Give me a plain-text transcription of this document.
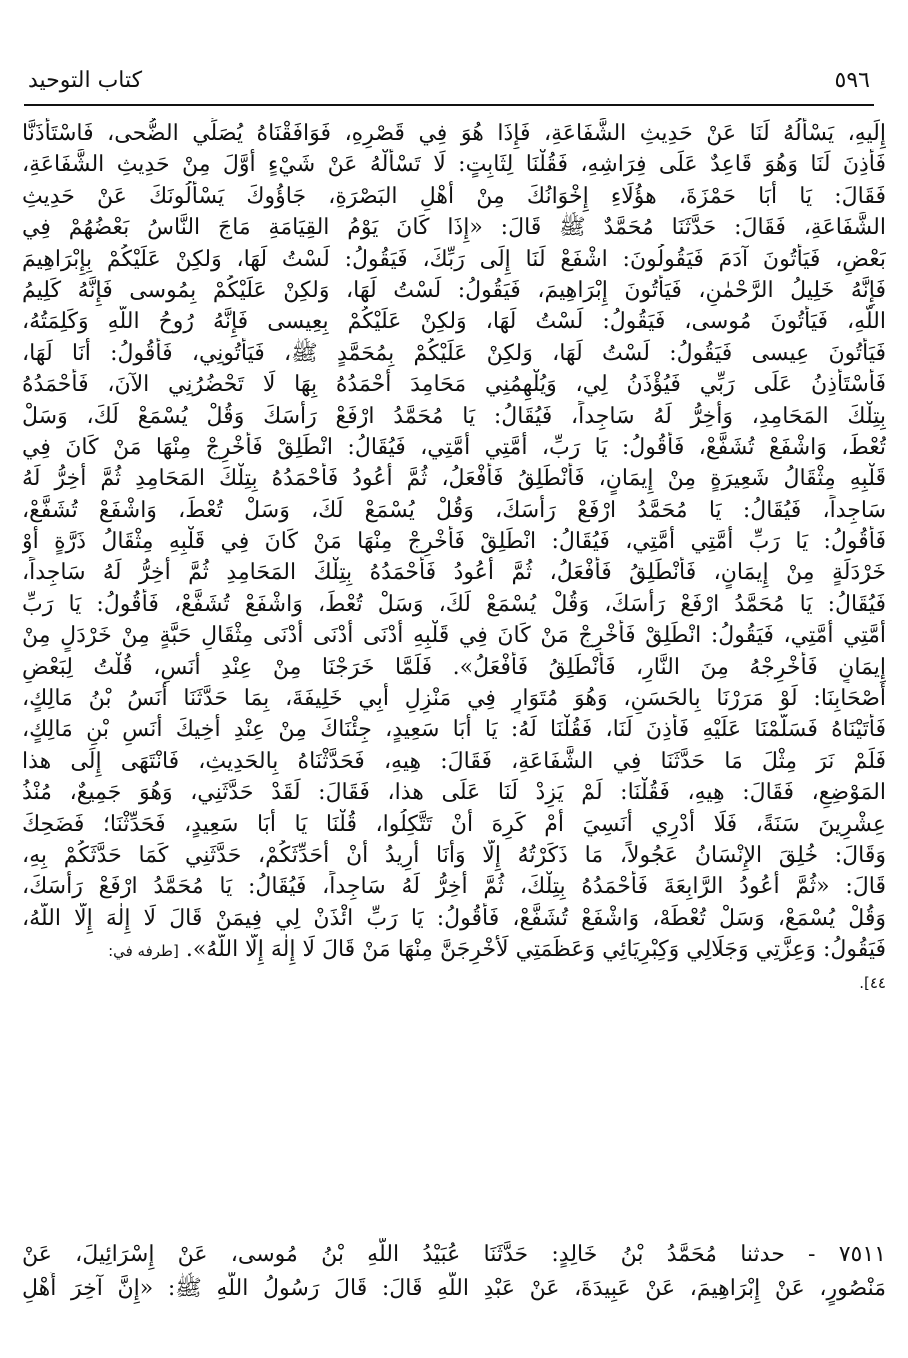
٥٩٦
كتاب التوحيد
إِلَيهِ، يَسْأَلُهُ لَنَا عَنْ حَدِيثِ الشَّفَاعَةِ، فَإِذَا هُوَ فِي قَصْرِهِ، فَوَافَقْنَاهُ يُصَلِّي الضُّحى، فَاسْتَأْذَنَّا
فَأَذِنَ لَنَا وَهُوَ قَاعِدٌ عَلَى فِرَاشِهِ، فَقُلْنَا لِثَابِتٍ: لَا تَسْأَلْهُ عَنْ شَيْءٍ أَوَّلَ مِنْ حَدِيثِ الشَّفَاعَةِ،
فَقَالَ: يَا أَبَا حَمْزَةَ، هؤُلَاءِ إِخْوَانُكَ مِنْ أَهْلِ البَصْرَةِ، جَاؤُوكَ يَسْأَلُونَكَ عَنْ حَدِيثِ
الشَّفَاعَةِ، فَقَالَ: حَدَّثَنَا مُحَمَّدٌ ﷺ قَالَ: «إِذَا كَانَ يَوْمُ القِيَامَةِ مَاجَ النَّاسُ بَعْضُهُمْ فِي
بَعْضٍ، فَيَأْتُونَ آدَمَ فَيَقُولُونَ: اشْفَعْ لَنَا إِلَى رَبِّكَ، فَيَقُولُ: لَسْتُ لَهَا، وَلكِنْ عَلَيْكُمْ بِإِبْرَاهِيمَ
فَإِنَّهُ خَلِيلُ الرَّحْمٰنِ، فَيَأْتُونَ إِبْرَاهِيمَ، فَيَقُولُ: لَسْتُ لَهَا، وَلكِنْ عَلَيْكُمْ بِمُوسى فَإِنَّهُ كَلِيمُ
اللَّهِ، فَيَأْتُونَ مُوسى، فَيَقُولُ: لَسْتُ لَهَا، وَلكِنْ عَلَيْكُمْ بِعِيسى فَإِنَّهُ رُوحُ اللَّهِ وَكَلِمَتُهُ،
فَيَأْتُونَ عِيسى فَيَقُولُ: لَسْتُ لَهَا، وَلكِنْ عَلَيْكُمْ بِمُحَمَّدٍ ﷺ، فَيَأْتُونِي، فَأَقُولُ: أَنَا لَهَا،
فَأَسْتَأْذِنُ عَلَى رَبِّي فَيُؤْذَنُ لِي، وَيُلْهِمُنِي مَحَامِدَ أَحْمَدُهُ بِهَا لَا تَحْضُرُنِي الآنَ، فَأَحْمَدُهُ
بِتِلْكَ المَحَامِدِ، وَأَخِرُّ لَهُ سَاجِداً، فَيُقَالُ: يَا مُحَمَّدُ ارْفَعْ رَأْسَكَ وَقُلْ يُسْمَعْ لَكَ، وَسَلْ
تُعْطَ، وَاشْفَعْ تُشَفَّعْ، فَأَقُولُ: يَا رَبِّ، أُمَّتِي أُمَّتِي، فَيُقَالُ: انْطَلِقْ فَأَخْرِجْ مِنْهَا مَنْ كَانَ فِي
قَلْبِهِ مِثْقَالُ شَعِيرَةٍ مِنْ إِيمَانٍ، فَأَنْطَلِقُ فَأَفْعَلُ، ثُمَّ أَعُودُ فَأَحْمَدُهُ بِتِلْكَ المَحَامِدِ ثُمَّ أَخِرُّ لَهُ
سَاجِداً، فَيُقَالُ: يَا مُحَمَّدُ ارْفَعْ رَأْسَكَ، وَقُلْ يُسْمَعْ لَكَ، وَسَلْ تُعْطَ، وَاشْفَعْ تُشَفَّعْ،
فَأَقُولُ: يَا رَبِّ أُمَّتِي أُمَّتِي، فَيُقَالُ: انْطَلِقْ فَأَخْرِجْ مِنْهَا مَنْ كَانَ فِي قَلْبِهِ مِثْقَالُ ذَرَّةٍ أَوْ
خَرْدَلَةٍ مِنْ إِيمَانٍ، فَأَنْطَلِقُ فَأَفْعَلُ، ثُمَّ أَعُودُ فَأَحْمَدُهُ بِتِلْكَ المَحَامِدِ ثُمَّ أَخِرُّ لَهُ سَاجِداً،
فَيُقَالُ: يَا مُحَمَّدُ ارْفَعْ رَأْسَكَ، وَقُلْ يُسْمَعْ لَكَ، وَسَلْ تُعْطَ، وَاشْفَعْ تُشَفَّعْ، فَأَقُولُ: يَا رَبِّ
أُمَّتِي أُمَّتِي، فَيَقُولُ: انْطَلِقْ فَأَخْرِجْ مَنْ كَانَ فِي قَلْبِهِ أَدْنَى أَدْنَى أَدْنَى مِثْقَالِ حَبَّةٍ مِنْ خَرْدَلٍ مِنْ
إِيمَانٍ فَأَخْرِجْهُ مِنَ النَّارِ، فَأَنْطَلِقُ فَأَفْعَلُ». فَلَمَّا خَرَجْنَا مِنْ عِنْدِ أَنَسٍ، قُلْتُ لِبَعْضِ
أَصْحَابِنَا: لَوْ مَرَرْنَا بِالحَسَنِ، وَهُوَ مُتَوَارٍ فِي مَنْزِلِ أَبِي خَلِيفَةَ، بِمَا حَدَّثَنَا أَنَسُ بْنُ مَالِكٍ،
فَأَتَيْنَاهُ فَسَلَّمْنَا عَلَيْهِ فَأَذِنَ لَنَا، فَقُلْنَا لَهُ: يَا أَبَا سَعِيدٍ، جِئْنَاكَ مِنْ عِنْدِ أَخِيكَ أَنَسِ بْنِ مَالِكٍ،
فَلَمْ نَرَ مِثْلَ مَا حَدَّثَنَا فِي الشَّفَاعَةِ، فَقَالَ: هِيهِ، فَحَدَّثْنَاهُ بِالحَدِيثِ، فَانْتَهَى إِلَى هذا
المَوْضِعِ، فَقَالَ: هِيهِ، فَقُلْنَا: لَمْ يَزِدْ لَنَا عَلَى هذا، فَقَالَ: لَقَدْ حَدَّثَنِي، وَهُوَ جَمِيعٌ، مُنْذُ
عِشْرِينَ سَنَةً، فَلَا أَدْرِي أَنَسِيَ أَمْ كَرِهَ أَنْ تَتَّكِلُوا، قُلْنَا يَا أَبَا سَعِيدٍ، فَحَدِّثْنَا؛ فَضَحِكَ
وَقَالَ: خُلِقَ الإِنْسَانُ عَجُولاً، مَا ذَكَرْتُهُ إِلَّا وَأَنَا أُرِيدُ أَنْ أُحَدِّثَكُمْ، حَدَّثَنِي كَمَا حَدَّثَكُمْ بِهِ،
قَالَ: «ثُمَّ أَعُودُ الرَّابِعَةَ فَأَحْمَدُهُ بِتِلْكَ، ثُمَّ أَخِرُّ لَهُ سَاجِداً، فَيُقَالُ: يَا مُحَمَّدُ ارْفَعْ رَأْسَكَ،
وَقُلْ يُسْمَعْ، وَسَلْ تُعْطَهْ، وَاشْفَعْ تُشَفَّعْ، فَأَقُولُ: يَا رَبِّ ائْذَنْ لِي فِيمَنْ قَالَ لَا إِلٰهَ إِلَّا اللَّهُ،
فَيَقُولُ: وَعِزَّتِي وَجَلَالِي وَكِبْرِيَائِي وَعَظَمَتِي لَأُخْرِجَنَّ مِنْهَا مَنْ قَالَ لَا إِلٰهَ إِلَّا اللَّهُ». [طرفه في:
٤٤].
٧٥١١ - حدثنا مُحَمَّدُ بْنُ خَالِدٍ: حَدَّثَنَا عُبَيْدُ اللَّهِ بْنُ مُوسى، عَنْ إِسْرَائِيلَ، عَنْ
مَنْصُورٍ، عَنْ إِبْرَاهِيمَ، عَنْ عَبِيدَةَ، عَنْ عَبْدِ اللَّهِ قَالَ: قَالَ رَسُولُ اللَّهِ ﷺ: «إِنَّ آخِرَ أَهْلِ
